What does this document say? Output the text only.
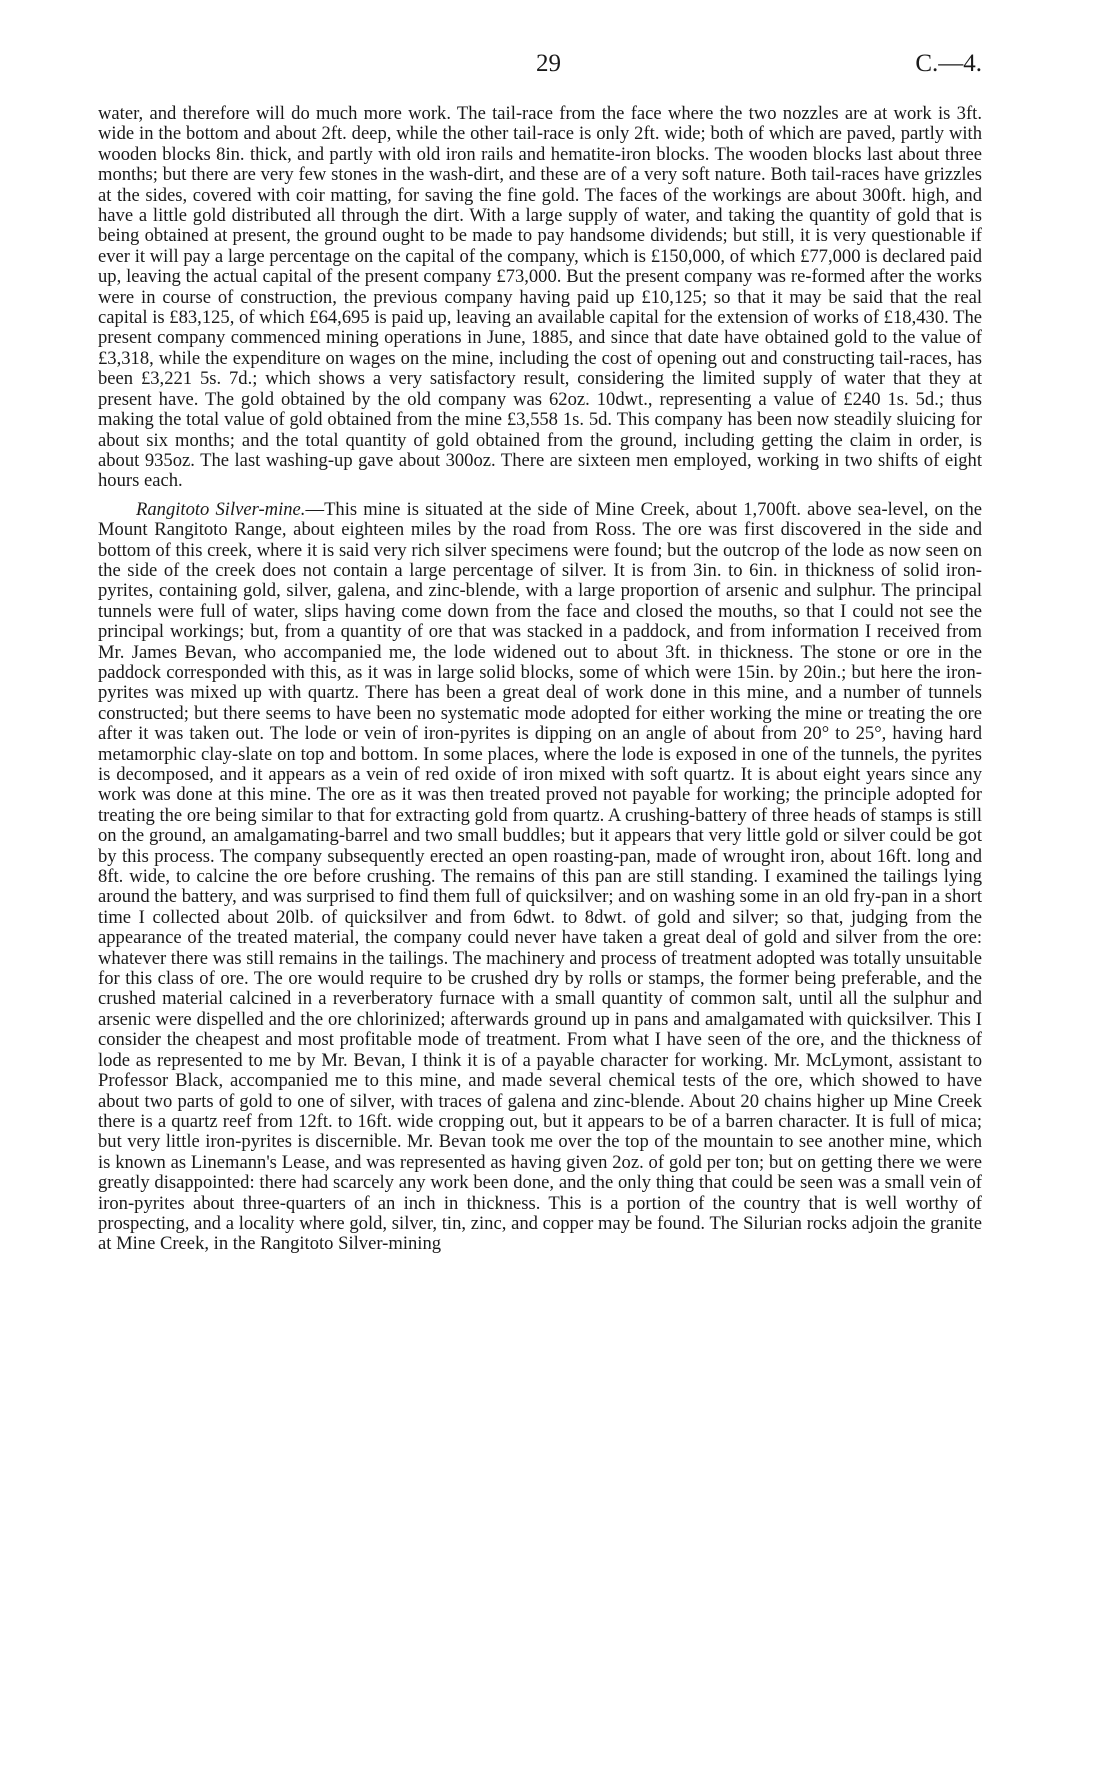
29	C.—4.

water, and therefore will do much more work. The tail-race from the face where the two nozzles are at work is 3ft. wide in the bottom and about 2ft. deep, while the other tail-race is only 2ft. wide; both of which are paved, partly with wooden blocks 8in. thick, and partly with old iron rails and hematite-iron blocks. The wooden blocks last about three months; but there are very few stones in the wash-dirt, and these are of a very soft nature. Both tail-races have grizzles at the sides, covered with coir matting, for saving the fine gold. The faces of the workings are about 300ft. high, and have a little gold distributed all through the dirt. With a large supply of water, and taking the quantity of gold that is being obtained at present, the ground ought to be made to pay handsome dividends; but still, it is very questionable if ever it will pay a large percentage on the capital of the company, which is £150,000, of which £77,000 is declared paid up, leaving the actual capital of the present company £73,000. But the present company was re-formed after the works were in course of construction, the previous company having paid up £10,125; so that it may be said that the real capital is £83,125, of which £64,695 is paid up, leaving an available capital for the extension of works of £18,430. The present company commenced mining operations in June, 1885, and since that date have obtained gold to the value of £3,318, while the expenditure on wages on the mine, including the cost of opening out and constructing tail-races, has been £3,221 5s. 7d.; which shows a very satisfactory result, considering the limited supply of water that they at present have. The gold obtained by the old company was 62oz. 10dwt., representing a value of £240 1s. 5d.; thus making the total value of gold obtained from the mine £3,558 1s. 5d. This company has been now steadily sluicing for about six months; and the total quantity of gold obtained from the ground, including getting the claim in order, is about 935oz. The last washing-up gave about 300oz. There are sixteen men employed, working in two shifts of eight hours each.

Rangitoto Silver-mine.—This mine is situated at the side of Mine Creek, about 1,700ft. above sea-level, on the Mount Rangitoto Range, about eighteen miles by the road from Ross. The ore was first discovered in the side and bottom of this creek, where it is said very rich silver specimens were found; but the outcrop of the lode as now seen on the side of the creek does not contain a large percentage of silver. It is from 3in. to 6in. in thickness of solid iron-pyrites, containing gold, silver, galena, and zinc-blende, with a large proportion of arsenic and sulphur. The principal tunnels were full of water, slips having come down from the face and closed the mouths, so that I could not see the principal workings; but, from a quantity of ore that was stacked in a paddock, and from information I received from Mr. James Bevan, who accompanied me, the lode widened out to about 3ft. in thickness. The stone or ore in the paddock corresponded with this, as it was in large solid blocks, some of which were 15in. by 20in.; but here the iron-pyrites was mixed up with quartz. There has been a great deal of work done in this mine, and a number of tunnels constructed; but there seems to have been no systematic mode adopted for either working the mine or treating the ore after it was taken out. The lode or vein of iron-pyrites is dipping on an angle of about from 20° to 25°, having hard metamorphic clay-slate on top and bottom. In some places, where the lode is exposed in one of the tunnels, the pyrites is decomposed, and it appears as a vein of red oxide of iron mixed with soft quartz. It is about eight years since any work was done at this mine. The ore as it was then treated proved not payable for working; the principle adopted for treating the ore being similar to that for extracting gold from quartz. A crushing-battery of three heads of stamps is still on the ground, an amalgamating-barrel and two small buddles; but it appears that very little gold or silver could be got by this process. The company subsequently erected an open roasting-pan, made of wrought iron, about 16ft. long and 8ft. wide, to calcine the ore before crushing. The remains of this pan are still standing. I examined the tailings lying around the battery, and was surprised to find them full of quicksilver; and on washing some in an old fry-pan in a short time I collected about 20lb. of quicksilver and from 6dwt. to 8dwt. of gold and silver; so that, judging from the appearance of the treated material, the company could never have taken a great deal of gold and silver from the ore: whatever there was still remains in the tailings. The machinery and process of treatment adopted was totally unsuitable for this class of ore. The ore would require to be crushed dry by rolls or stamps, the former being preferable, and the crushed material calcined in a reverberatory furnace with a small quantity of common salt, until all the sulphur and arsenic were dispelled and the ore chlorinized; afterwards ground up in pans and amalgamated with quicksilver. This I consider the cheapest and most profitable mode of treatment. From what I have seen of the ore, and the thickness of lode as represented to me by Mr. Bevan, I think it is of a payable character for working. Mr. McLymont, assistant to Professor Black, accompanied me to this mine, and made several chemical tests of the ore, which showed to have about two parts of gold to one of silver, with traces of galena and zinc-blende. About 20 chains higher up Mine Creek there is a quartz reef from 12ft. to 16ft. wide cropping out, but it appears to be of a barren character. It is full of mica; but very little iron-pyrites is discernible. Mr. Bevan took me over the top of the mountain to see another mine, which is known as Linemann's Lease, and was represented as having given 2oz. of gold per ton; but on getting there we were greatly disappointed: there had scarcely any work been done, and the only thing that could be seen was a small vein of iron-pyrites about three-quarters of an inch in thickness. This is a portion of the country that is well worthy of prospecting, and a locality where gold, silver, tin, zinc, and copper may be found. The Silurian rocks adjoin the granite at Mine Creek, in the Rangitoto Silver-mining
